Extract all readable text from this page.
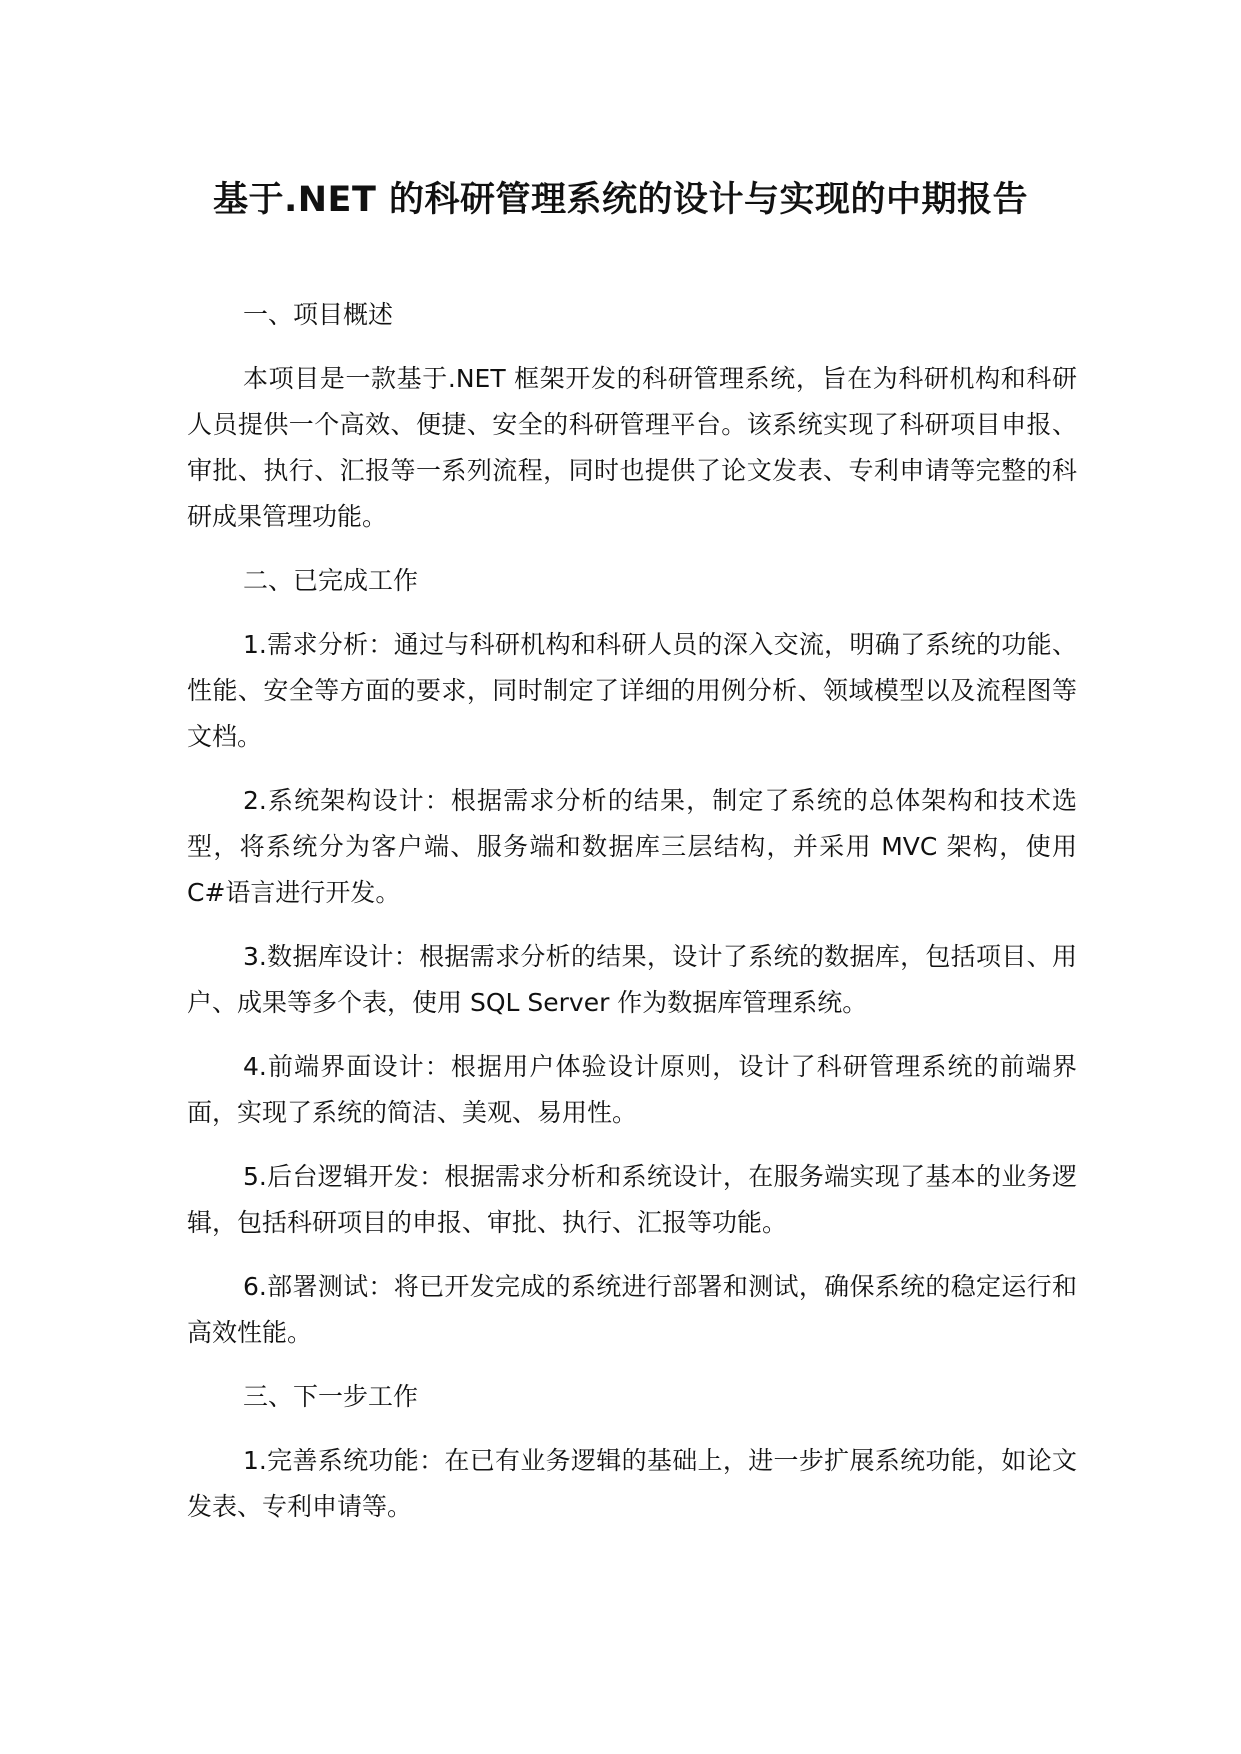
基于.NET 的科研管理系统的设计与实现的中期报告

一、项目概述

本项目是一款基于.NET 框架开发的科研管理系统，旨在为科研机构和科研人员提供一个高效、便捷、安全的科研管理平台。该系统实现了科研项目申报、审批、执行、汇报等一系列流程，同时也提供了论文发表、专利申请等完整的科研成果管理功能。

二、已完成工作

1.需求分析：通过与科研机构和科研人员的深入交流，明确了系统的功能、性能、安全等方面的要求，同时制定了详细的用例分析、领域模型以及流程图等文档。

2.系统架构设计：根据需求分析的结果，制定了系统的总体架构和技术选型，将系统分为客户端、服务端和数据库三层结构，并采用 MVC 架构，使用 C#语言进行开发。

3.数据库设计：根据需求分析的结果，设计了系统的数据库，包括项目、用户、成果等多个表，使用 SQL Server 作为数据库管理系统。

4.前端界面设计：根据用户体验设计原则，设计了科研管理系统的前端界面，实现了系统的简洁、美观、易用性。

5.后台逻辑开发：根据需求分析和系统设计，在服务端实现了基本的业务逻辑，包括科研项目的申报、审批、执行、汇报等功能。

6.部署测试：将已开发完成的系统进行部署和测试，确保系统的稳定运行和高效性能。

三、下一步工作

1.完善系统功能：在已有业务逻辑的基础上，进一步扩展系统功能，如论文发表、专利申请等。
